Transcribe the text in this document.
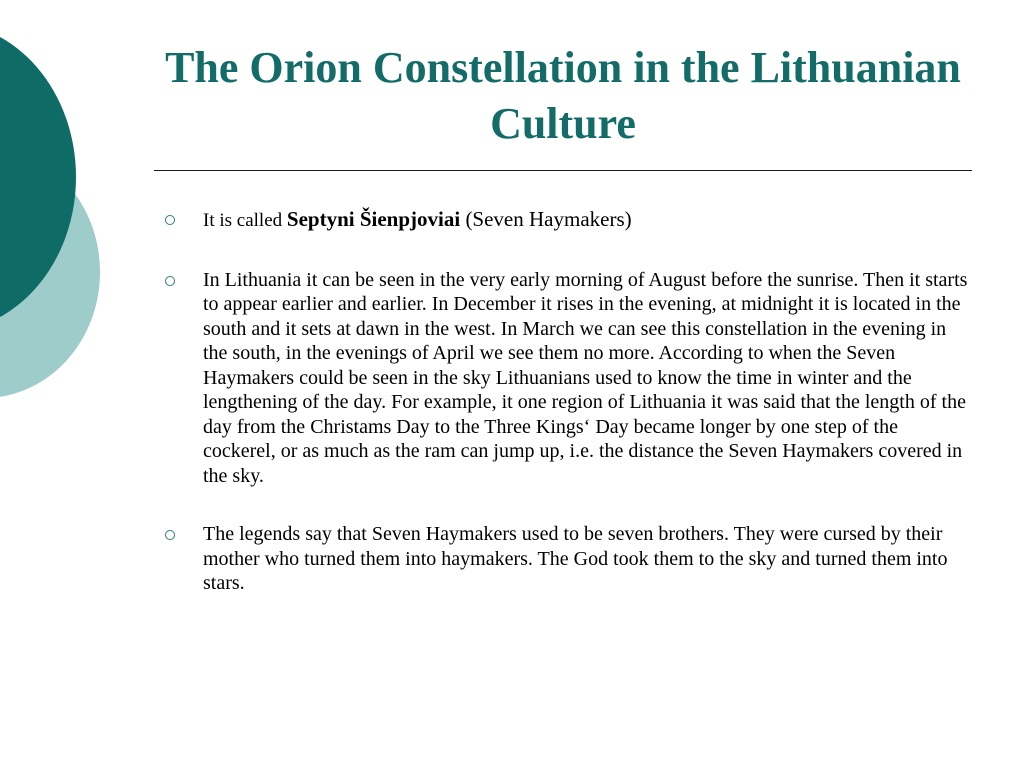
The Orion Constellation in the Lithuanian Culture
It is called Septyni Šienpjoviai (Seven Haymakers)
In Lithuania it can be seen in the very early morning of August before the sunrise. Then it starts to appear earlier and earlier. In December it rises in the evening, at midnight it is located in the south and it sets at dawn in the west. In March we can see this constellation in the evening in the south, in the evenings of April we see them no more. According to when the Seven Haymakers could be seen in the sky Lithuanians used to know the time in winter and the lengthening of the day. For example, it one region of Lithuania it was said that the length of the day from the Christams Day to the Three Kings‘ Day became longer by one step of the cockerel, or as much as the ram can jump up, i.e. the distance the Seven Haymakers covered in the sky.
The legends say that Seven Haymakers used to be seven brothers. They were cursed by their mother who turned them into haymakers. The God took them to the sky and turned them into stars.
